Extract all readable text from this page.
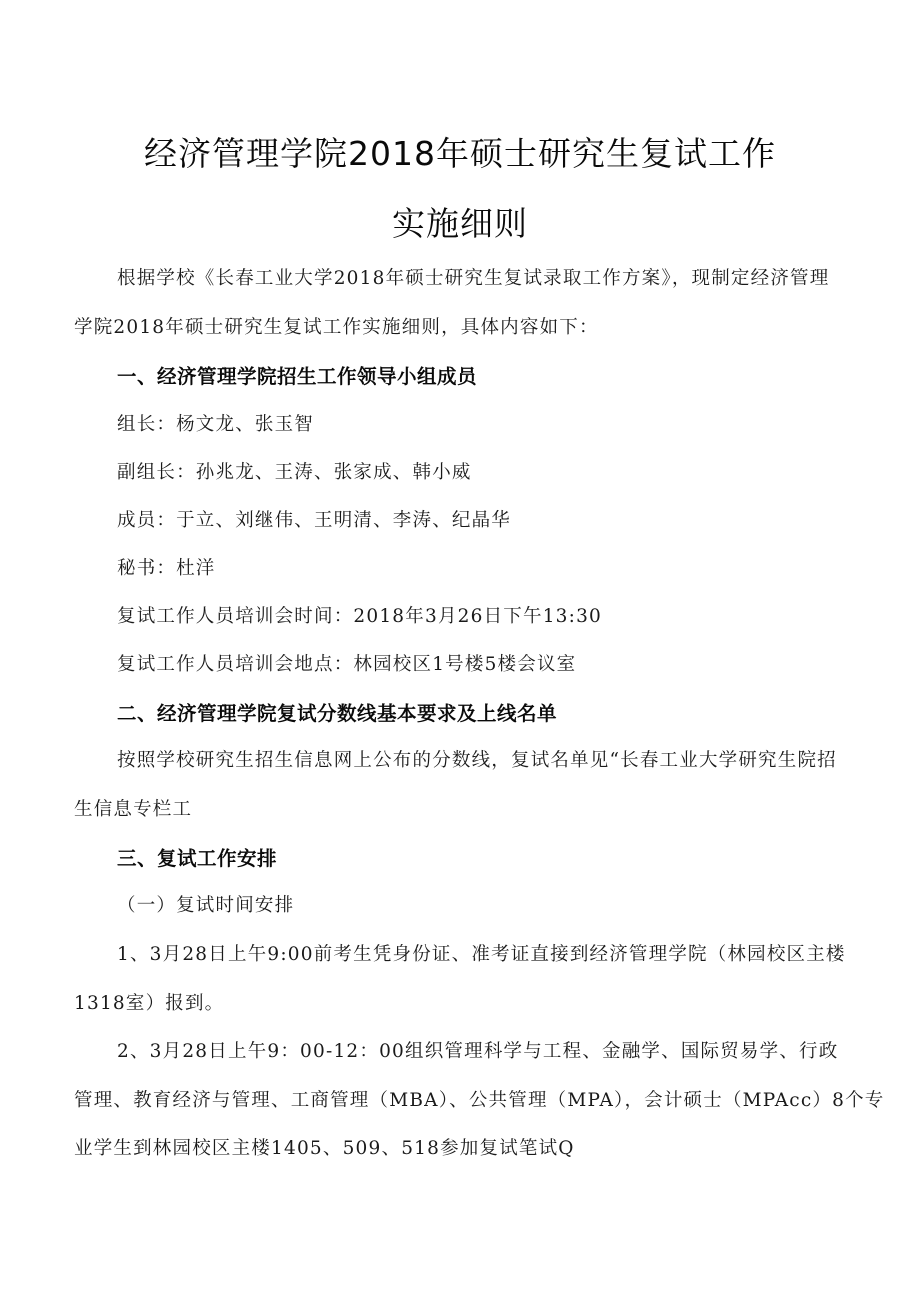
经济管理学院2018年硕士研究生复试工作
实施细则
根据学校《长春工业大学2018年硕士研究生复试录取工作方案》，现制定经济管理
学院2018年硕士研究生复试工作实施细则，具体内容如下：
一、经济管理学院招生工作领导小组成员
组长：杨文龙、张玉智
副组长：孙兆龙、王涛、张家成、韩小威
成员：于立、刘继伟、王明清、李涛、纪晶华
秘书：杜洋
复试工作人员培训会时间：2018年3月26日下午13:30
复试工作人员培训会地点：林园校区1号楼5楼会议室
二、经济管理学院复试分数线基本要求及上线名单
按照学校研究生招生信息网上公布的分数线，复试名单见“长春工业大学研究生院招
生信息专栏工
三、复试工作安排
（一）复试时间安排
1、3月28日上午9:00前考生凭身份证、准考证直接到经济管理学院（林园校区主楼
1318室）报到。
2、3月28日上午9：00-12：00组织管理科学与工程、金融学、国际贸易学、行政
管理、教育经济与管理、工商管理（MBA）、公共管理（MPA），会计硕士（MPAcc）8个专
业学生到林园校区主楼1405、509、518参加复试笔试Q
